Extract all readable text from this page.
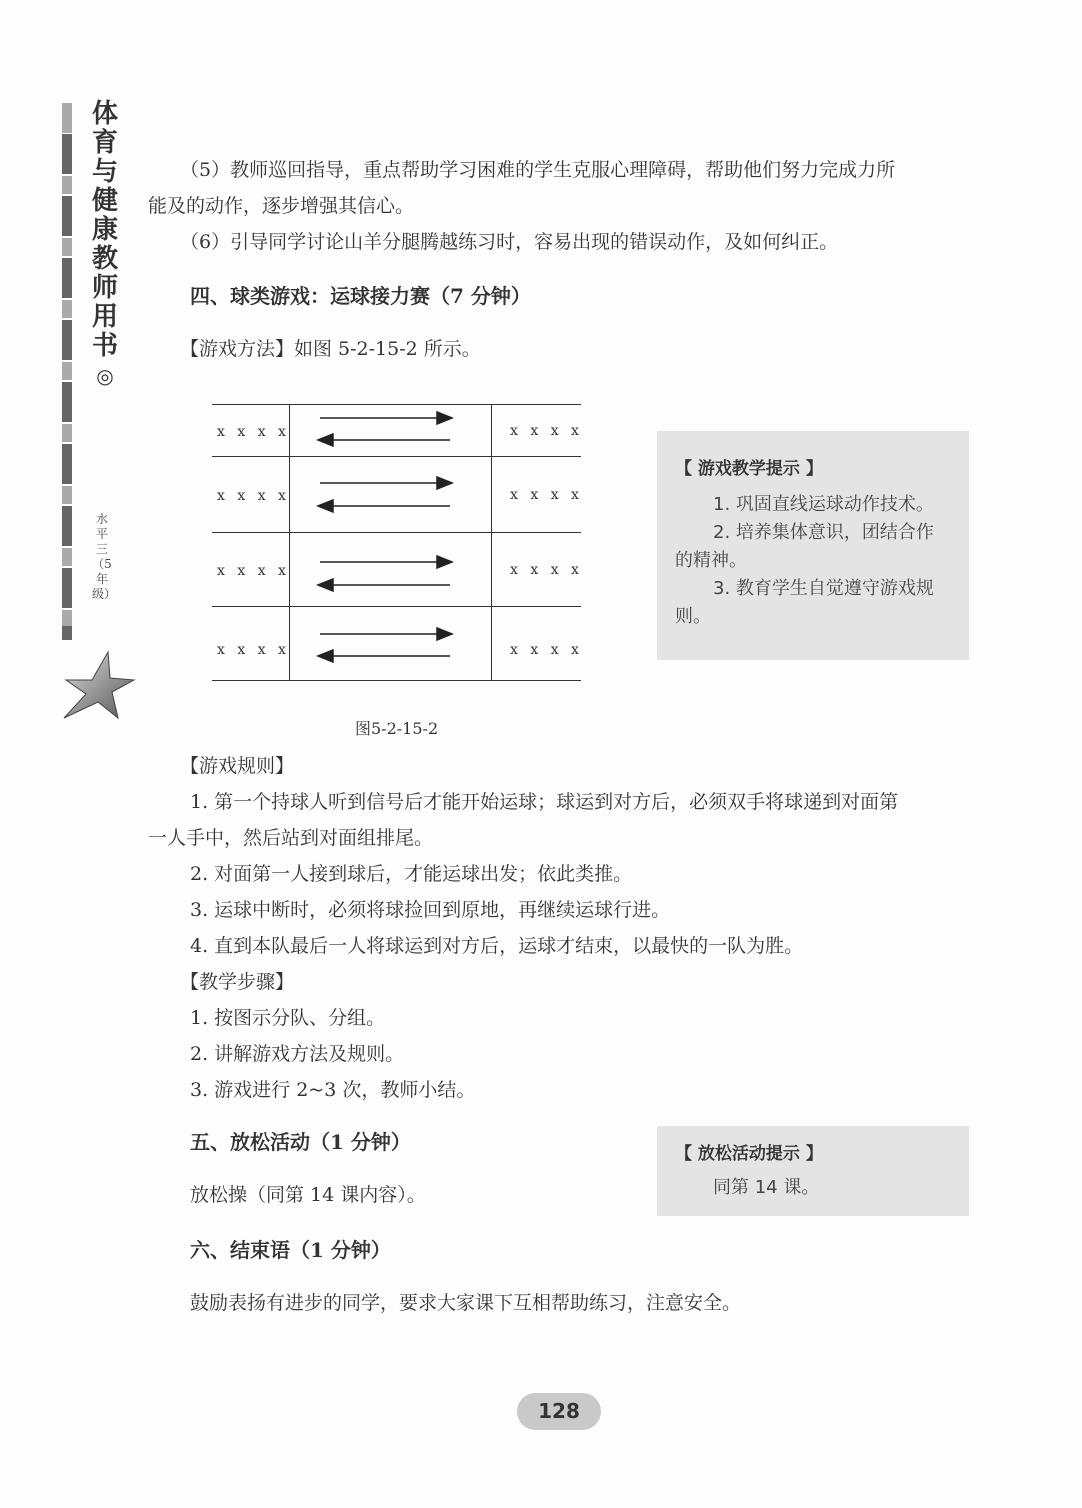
体育与健康教师用书
◎
水平三（5年级）
（5）教师巡回指导，重点帮助学习困难的学生克服心理障碍，帮助他们努力完成力所
能及的动作，逐步增强其信心。
（6）引导同学讨论山羊分腿腾越练习时，容易出现的错误动作，及如何纠正。
四、球类游戏：运球接力赛（7 分钟）
【游戏方法】如图 5-2-15-2 所示。
x x x x	x x x x
x x x x	x x x x
x x x x	x x x x
x x x x	x x x x
图5-2-15-2
【 游戏教学提示 】
1. 巩固直线运球动作技术。
2. 培养集体意识，团结合作
的精神。
3. 教育学生自觉遵守游戏规
则。
【游戏规则】
1. 第一个持球人听到信号后才能开始运球；球运到对方后，必须双手将球递到对面第
一人手中，然后站到对面组排尾。
2. 对面第一人接到球后，才能运球出发；依此类推。
3. 运球中断时，必须将球捡回到原地，再继续运球行进。
4. 直到本队最后一人将球运到对方后，运球才结束，以最快的一队为胜。
【教学步骤】
1. 按图示分队、分组。
2. 讲解游戏方法及规则。
3. 游戏进行 2~3 次，教师小结。
五、放松活动（1 分钟）
放松操（同第 14 课内容）。
【 放松活动提示 】
同第 14 课。
六、结束语（1 分钟）
鼓励表扬有进步的同学，要求大家课下互相帮助练习，注意安全。
128
